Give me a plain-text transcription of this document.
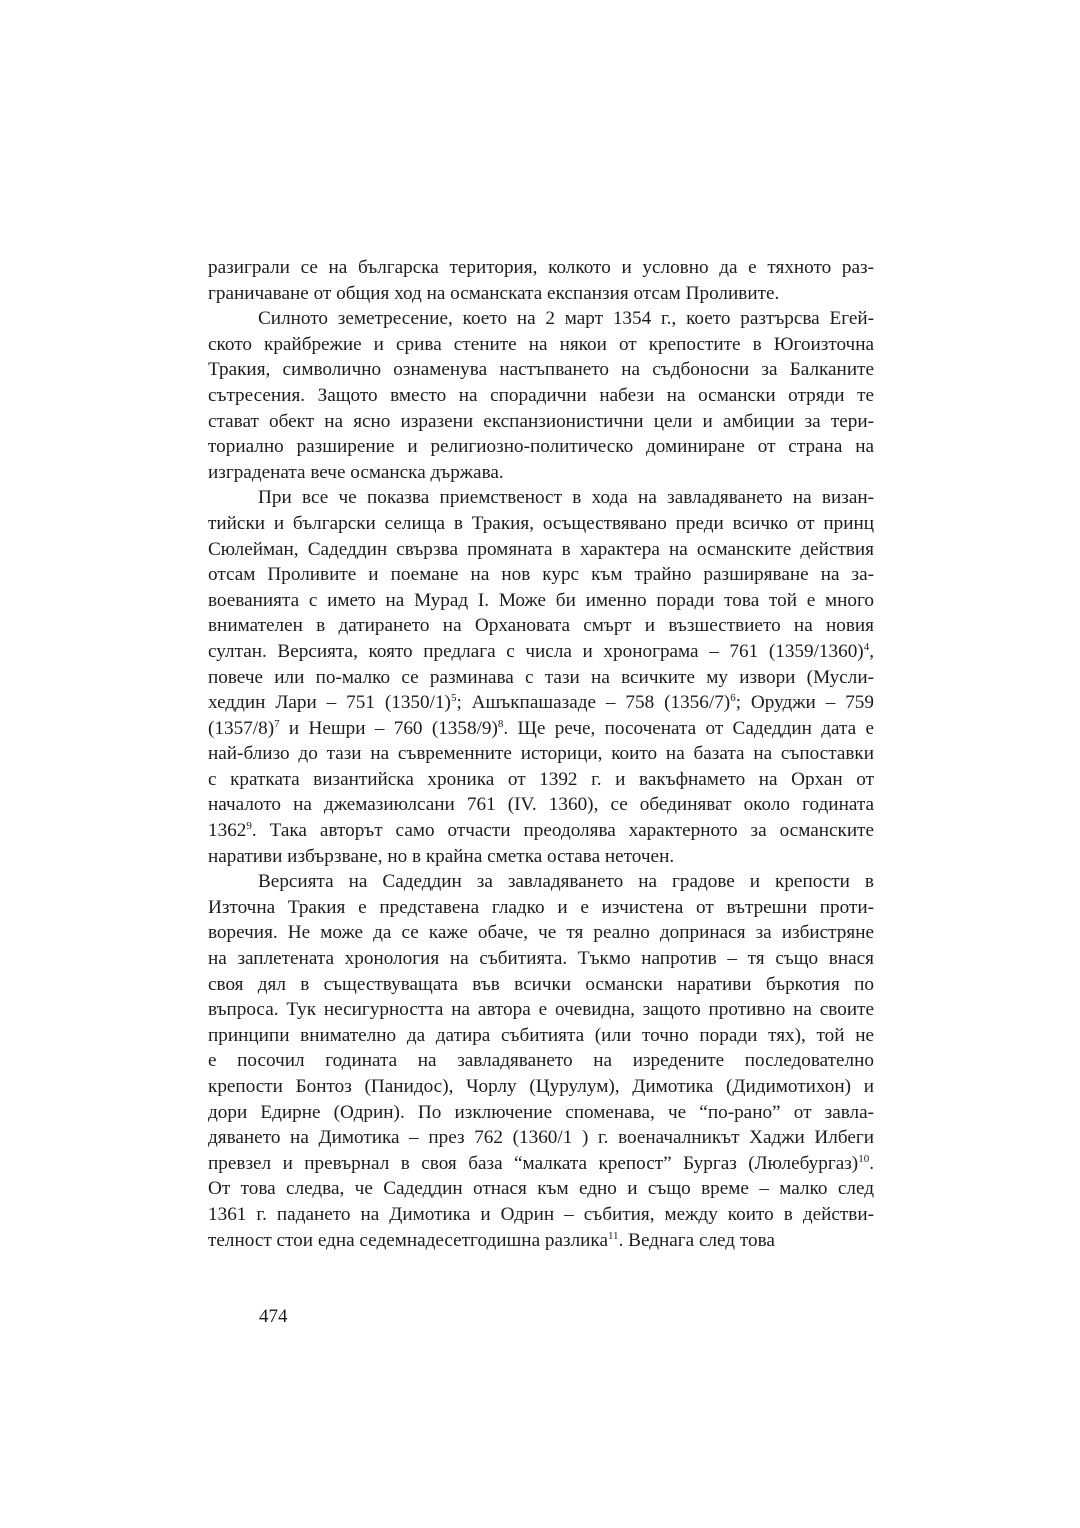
разиграли се на българска територия, колкото и условно да е тяхното раз-
граничаване от общия ход на османската експанзия отсам Проливите.

Силното земетресение, което на 2 март 1354 г., което разтърсва Егей-
ското крайбрежие и срива стените на някои от крепостите в Югоизточна
Тракия, символично ознаменува настъпването на съдбоносни за Балканите
сътресения. Защото вместо на спорадични набези на османски отряди те
стават обект на ясно изразени експанзионистични цели и амбиции за тери-
ториално разширение и религиозно-политическо доминиране от страна на
изградената вече османска държава.

При все че показва приемственост в хода на завладяването на визан-
тийски и български селища в Тракия, осъществявано преди всичко от принц
Сюлейман, Садеддин свързва промяната в характера на османските действия
отсам Проливите и поемане на нов курс към трайно разширяване на за-
воеванията с името на Мурад I. Може би именно поради това той е много
внимателен в датирането на Орхановата смърт и възшествието на новия
султан. Версията, която предлага с числа и хронограма – 761 $(1359/1360)^4$,
повече или по-малко се разминава с тази на всичките му извори (Мусли-
хеддин Лари – 751 $(1350/1)^5$; Ашъкпашазаде – 758 $(1356/7)^6$; Оруджи – 759
$(1357/8)^7$ и Нешри – 760 $(1358/9)^8$. Ще рече, посочената от Садеддин дата е
най-близо до тази на съвременните историци, които на базата на съпоставки
с кратката византийска хроника от 1392 г. и вакъфнамето на Орхан от
началото на джемазиюлсани 761 (IV. 1360), се обединяват около годината
1362$^9$. Така авторът само отчасти преодолява характерното за османските
наративи избързване, но в крайна сметка остава неточен.

Версията на Садеддин за завладяването на градове и крепости в
Източна Тракия е представена гладко и е изчистена от вътрешни проти-
воречия. Не може да се каже обаче, че тя реално допринася за избистряне
на заплетената хронология на събитията. Тъкмо напротив – тя също внася
своя дял в съществуващата във всички османски наративи бъркотия по
въпроса. Тук несигурността на автора е очевидна, защото противно на своите
принципи внимателно да датира събитията (или точно поради тях), той не
е посочил годината на завладяването на изредените последователно
крепости Бонтоз (Панидос), Чорлу (Цурулум), Димотика (Дидимотихон) и
дори Едирне (Одрин). По изключение споменава, че “по-рано” от завла-
дяването на Димотика – през 762 (1360/1 ) г. военачалникът Хаджи Илбеги
превзел и превърнал в своя база “малката крепост” Бургаз (Люлебургаз)$^{10}$.
От това следва, че Садеддин отнася към едно и също време – малко след
1361 г. падането на Димотика и Одрин – събития, между които в действи-
телност стои една седемнадесетгодишна разлика$^{11}$. Веднага след това

474
